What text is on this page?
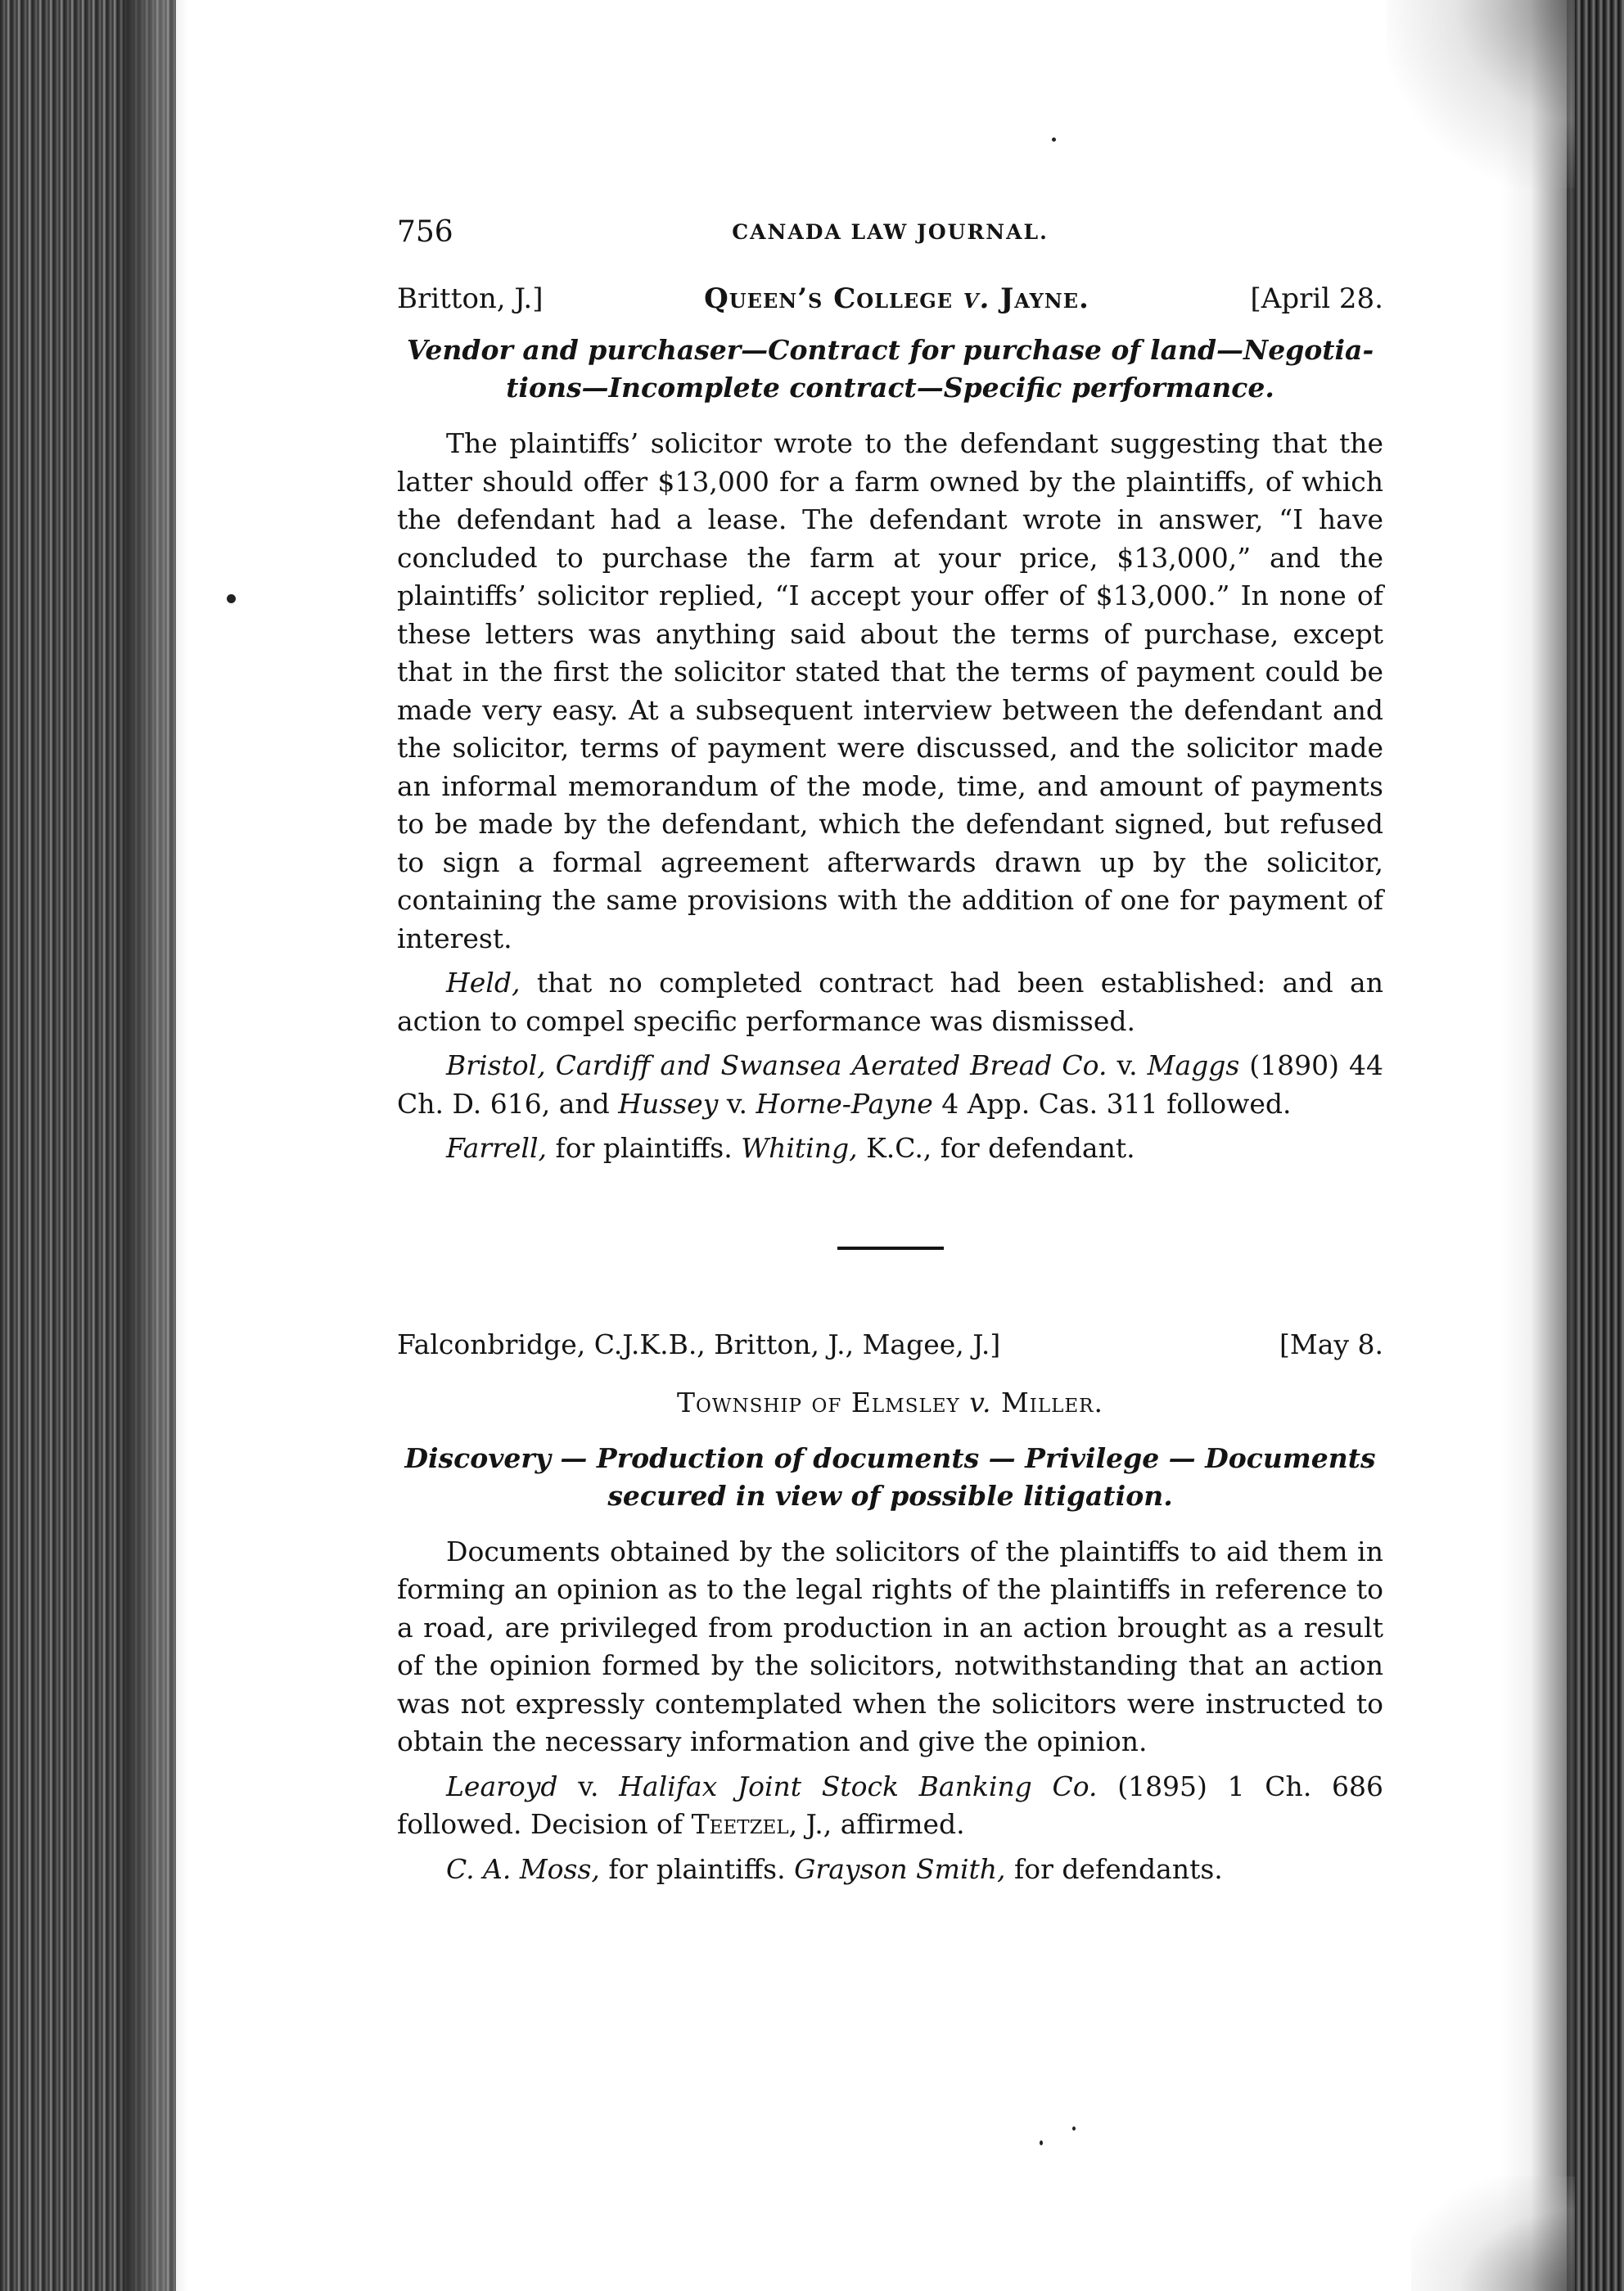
756	CANADA LAW JOURNAL.
Britton, J.]	Queen’s College v. Jayne.	[April 28.
Vendor and purchaser—Contract for purchase of land—Negotia-
tions—Incomplete contract—Specific performance.

The plaintiffs’ solicitor wrote to the defendant suggesting that the latter should offer $13,000 for a farm owned by the plaintiffs, of which the defendant had a lease. The defendant wrote in answer, “I have concluded to purchase the farm at your price, $13,000,” and the plaintiffs’ solicitor replied, “I accept your offer of $13,000.” In none of these letters was anything said about the terms of purchase, except that in the first the solicitor stated that the terms of payment could be made very easy. At a subsequent interview between the defendant and the solicitor, terms of payment were discussed, and the solicitor made an informal memorandum of the mode, time, and amount of payments to be made by the defendant, which the defendant signed, but refused to sign a formal agreement afterwards drawn up by the solicitor, containing the same provisions with the addition of one for payment of interest.

Held, that no completed contract had been established: and an action to compel specific performance was dismissed.

Bristol, Cardiff and Swansea Aerated Bread Co. v. Maggs (1890) 44 Ch. D. 616, and Hussey v. Horne-Payne 4 App. Cas. 311 followed.

Farrell, for plaintiffs. Whiting, K.C., for defendant.

Falconbridge, C.J.K.B., Britton, J., Magee, J.]	[May 8.
Township of Elmsley v. Miller.
Discovery — Production of documents — Privilege — Documents
secured in view of possible litigation.

Documents obtained by the solicitors of the plaintiffs to aid them in forming an opinion as to the legal rights of the plaintiffs in reference to a road, are privileged from production in an action brought as a result of the opinion formed by the solicitors, notwithstanding that an action was not expressly contemplated when the solicitors were instructed to obtain the necessary information and give the opinion.

Learoyd v. Halifax Joint Stock Banking Co. (1895) 1 Ch. 686 followed. Decision of Teetzel, J., affirmed.

C. A. Moss, for plaintiffs. Grayson Smith, for defendants.
